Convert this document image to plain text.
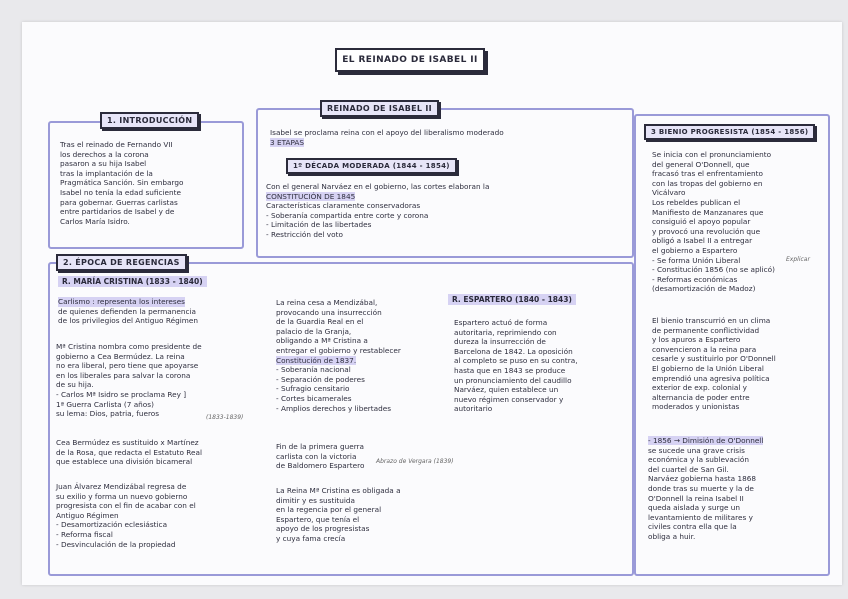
EL REINADO DE ISABEL II
1. INTRODUCCIÓN
Tras el reinado de Fernando VII
los derechos a la corona
pasaron a su hija Isabel
tras la implantación de la
Pragmática Sanción. Sin embargo
Isabel no tenía la edad suficiente
para gobernar. Guerras carlistas
entre partidarios de Isabel y de
Carlos María Isidro.
REINADO DE ISABEL II
Isabel se proclama reina con el apoyo del liberalismo moderado
3 ETAPAS
1º DÉCADA MODERADA (1844 - 1854)
Con el general Narváez en el gobierno, las cortes elaboran la
CONSTITUCIÓN DE 1845
Características claramente conservadoras
- Soberanía compartida entre corte y corona
- Limitación de las libertades
- Restricción del voto
3 BIENIO PROGRESISTA (1854 - 1856)
Se inicia con el pronunciamiento
del general O'Donnell, que
fracasó tras el enfrentamiento
con las tropas del gobierno en
Vicálvaro
Los rebeldes publican el
Manifiesto de Manzanares que
consiguió el apoyo popular
y provocó una revolución que
obligó a Isabel II a entregar
el gobierno a Espartero
- Se forma Unión Liberal
- Constitución 1856 (no se aplicó)
- Reformas económicas
(desamortización de Madoz)
Explicar
El bienio transcurrió en un clima
de permanente conflictividad
y los apuros a Espartero
convencieron a la reina para
cesarle y sustituirlo por O'Donnell
El gobierno de la Unión Liberal
emprendió una agresiva política
exterior de exp. colonial y
alternancia de poder entre
moderados y unionistas
- 1856 → Dimisión de O'Donnell
se sucede una grave crisis
económica y la sublevación
del cuartel de San Gil.
Narváez gobierna hasta 1868
donde tras su muerte y la de
O'Donnell la reina Isabel II
queda aislada y surge un
levantamiento de militares y
civiles contra ella que la
obliga a huir.
2. ÉPOCA DE REGENCIAS
R. MARÍA CRISTINA (1833 - 1840)
Carlismo : representa los intereses
de quienes defienden la permanencia
de los privilegios del Antiguo Régimen
Mª Cristina nombra como presidente de
gobierno a Cea Bermúdez. La reina
no era liberal, pero tiene que apoyarse
en los liberales para salvar la corona
de su hija.
- Carlos Mª Isidro se proclama Rey ]
1ª Guerra Carlista (7 años)
su lema: Dios, patria, fueros	(1833-1839)
Cea Bermúdez es sustituido x Martínez
de la Rosa, que redacta el Estatuto Real
que establece una división bicameral
Juan Álvarez Mendizábal regresa de
su exilio y forma un nuevo gobierno
progresista con el fin de acabar con el
Antiguo Régimen
- Desamortización eclesiástica
- Reforma fiscal
- Desvinculación de la propiedad
La reina cesa a Mendizábal,
provocando una insurrección
de la Guardia Real en el
palacio de la Granja,
obligando a Mª Cristina a
entregar el gobierno y restablecer
Constitución de 1837.
- Soberanía nacional
- Separación de poderes
- Sufragio censitario
- Cortes bicamerales
- Amplios derechos y libertades
Fin de la primera guerra
carlista con la victoria
de Baldomero Espartero Abrazo de Vergara (1839)
La Reina Mª Cristina es obligada a
dimitir y es sustituida
en la regencia por el general
Espartero, que tenía el
apoyo de los progresistas
y cuya fama crecía
R. ESPARTERO (1840 - 1843)
Espartero actuó de forma
autoritaria, reprimiendo con
dureza la insurrección de
Barcelona de 1842. La oposición
al completo se puso en su contra,
hasta que en 1843 se produce
un pronunciamiento del caudillo
Narváez, quien establece un
nuevo régimen conservador y
autoritario
